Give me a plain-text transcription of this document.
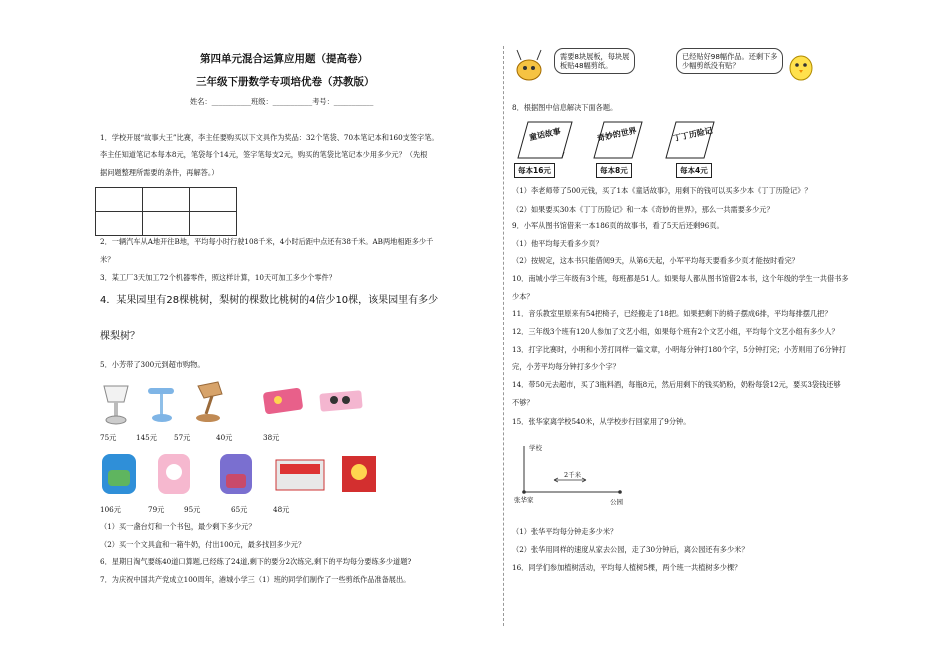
第四单元混合运算应用题（提高卷）
三年级下册数学专项培优卷（苏教版）
姓名：___________班级：___________考号：___________
1．学校开展“故事大王”比赛，李主任要购买以下文具作为奖品：32个笔袋、70本笔记本和160支签字笔。
李主任知道笔记本每本8元，笔袋每个14元，签字笔每支2元，购买的笔袋比笔记本少用多少元？（先根
据问题整理所需要的条件，再解答。）

2．一辆汽车从A地开往B地，平均每小时行驶108千米，4小时后距中点还有38千米。AB两地相距多少千
米？
3．某工厂3天加工72个机器零件，照这样计算，10天可加工多少个零件？
4．某果园里有28棵桃树，梨树的棵数比桃树的4倍少10棵，该果园里有多少
棵梨树？
5．小芳带了300元到超市购物。
75元	145元 57元	40元	38元
106元	79元	95元	65元	48元
（1）买一盏台灯和一个书包，最少剩下多少元？
（2）买一个文具盒和一箱牛奶，付出100元，最多找回多少元？
6．星期日淘气要练40道口算题,已经练了24道,剩下的要分2次练完,剩下的平均每分要练多少道题?
7．为庆祝中国共产党成立100周年，港城小学三（1）班的同学们制作了一些剪纸作品准备展出。
需要8块展板，每块展
板贴48幅剪纸。
已经贴好98幅作品。还剩下多
少幅剪纸没有贴？
8．根据图中信息解决下面各题。
童话故事	奇妙的世界	丁丁历险记
每本16元	每本8元	每本4元
（1）李老师带了500元钱，买了1本《童话故事》，用剩下的钱可以买多少本《丁丁历险记》？
（2）如果要买30本《丁丁历险记》和一本《奇妙的世界》，那么一共需要多少元？
9．小军从图书馆借来一本186页的故事书，看了5天后还剩96页。
（1）他平均每天看多少页？
（2）按规定，这本书只能借阅9天，从第6天起，小军平均每天要看多少页才能按时看完？
10．南城小学三年级有3个班，每班都是51人。如果每人都从图书馆借2本书，这个年级的学生一共借书多
少本？
11．音乐教室里原来有54把椅子，已经搬走了18把。如果把剩下的椅子摆成6排，平均每排摆几把？
12．三年级3个班有120人参加了文艺小组，如果每个班有2个文艺小组，平均每个文艺小组有多少人？
13．打字比赛时，小明和小芳打同样一篇文章，小明每分钟打180个字，5分钟打完；小芳则用了6分钟打
完，小芳平均每分钟打多少个字？
14．带50元去超市，买了3瓶料酒，每瓶8元，然后用剩下的钱买奶粉，奶粉每袋12元，要买3袋钱还够
不够？
15．张华家离学校540米，从学校步行回家用了9分钟。
学校
2千米
张华家	公园
（1）张华平均每分钟走多少米？
（2）张华用同样的速度从家去公园，走了30分钟后，离公园还有多少米？
16．同学们参加植树活动，平均每人植树5棵，两个班一共植树多少棵？
